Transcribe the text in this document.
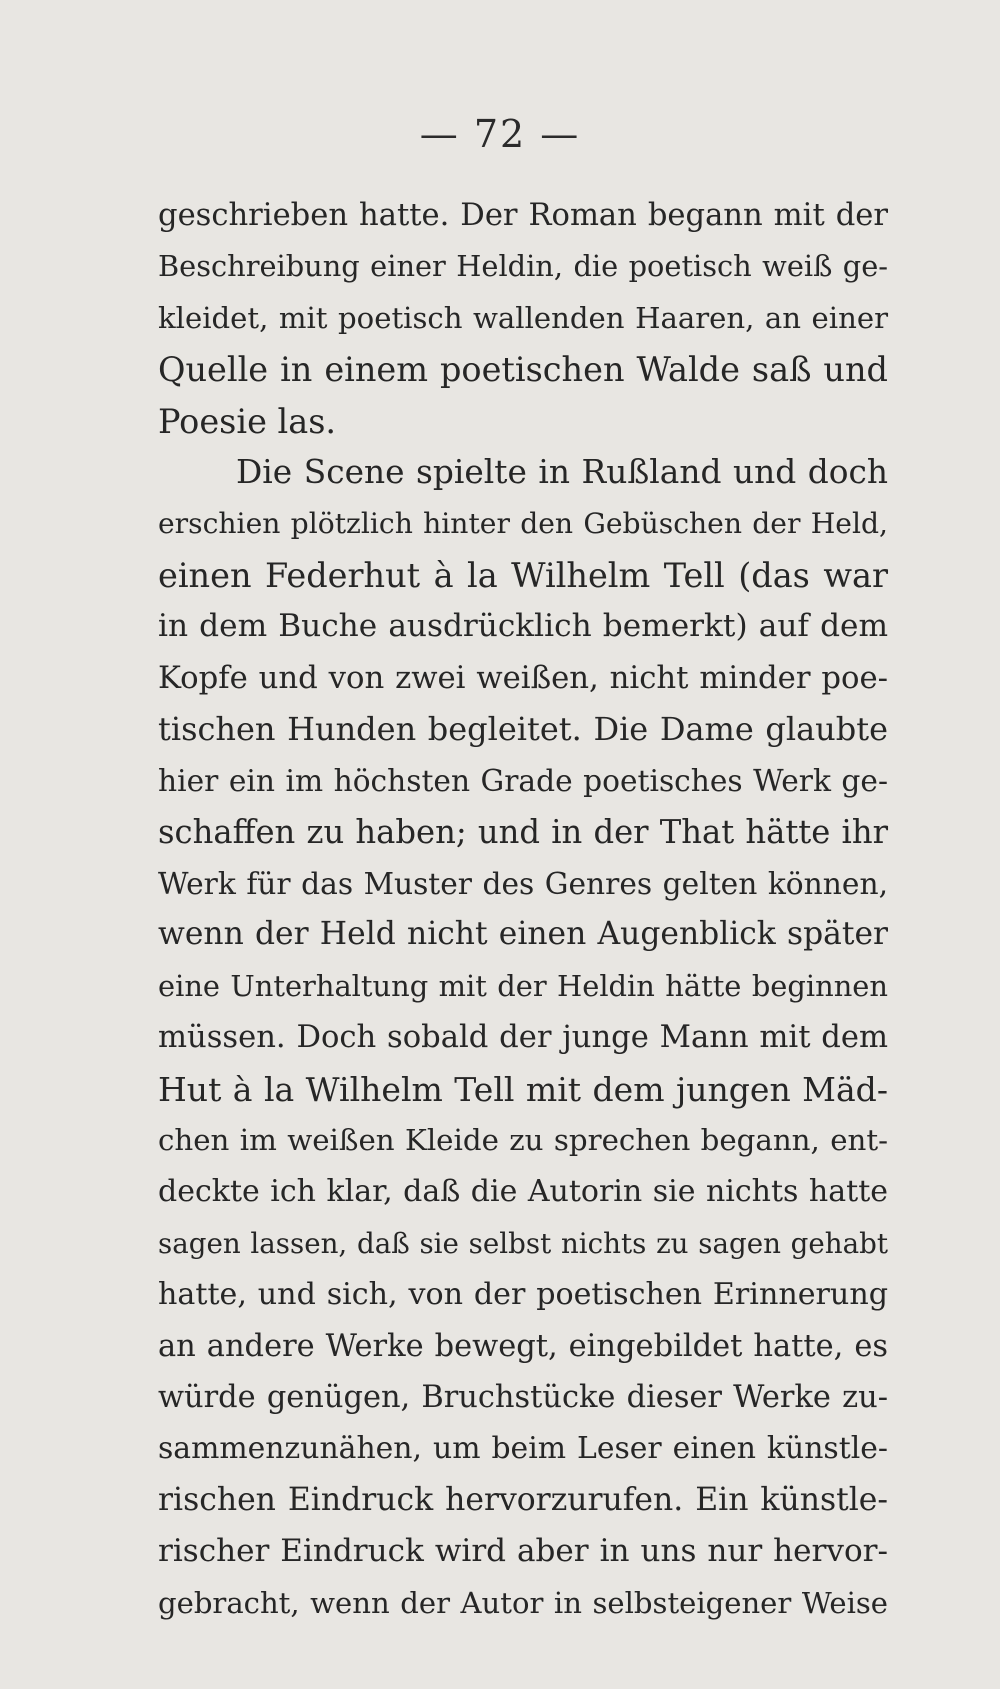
— 72 —
geschrieben hatte. Der Roman begann mit der
Beschreibung einer Heldin, die poetisch weiß ge-
kleidet, mit poetisch wallenden Haaren, an einer
Quelle in einem poetischen Walde saß und
Poesie las.
Die Scene spielte in Rußland und doch
erschien plötzlich hinter den Gebüschen der Held,
einen Federhut à la Wilhelm Tell (das war
in dem Buche ausdrücklich bemerkt) auf dem
Kopfe und von zwei weißen, nicht minder poe-
tischen Hunden begleitet. Die Dame glaubte
hier ein im höchsten Grade poetisches Werk ge-
schaffen zu haben; und in der That hätte ihr
Werk für das Muster des Genres gelten können,
wenn der Held nicht einen Augenblick später
eine Unterhaltung mit der Heldin hätte beginnen
müssen. Doch sobald der junge Mann mit dem
Hut à la Wilhelm Tell mit dem jungen Mäd-
chen im weißen Kleide zu sprechen begann, ent-
deckte ich klar, daß die Autorin sie nichts hatte
sagen lassen, daß sie selbst nichts zu sagen gehabt
hatte, und sich, von der poetischen Erinnerung
an andere Werke bewegt, eingebildet hatte, es
würde genügen, Bruchstücke dieser Werke zu-
sammenzunähen, um beim Leser einen künstle-
rischen Eindruck hervorzurufen. Ein künstle-
rischer Eindruck wird aber in uns nur hervor-
gebracht, wenn der Autor in selbsteigener Weise
